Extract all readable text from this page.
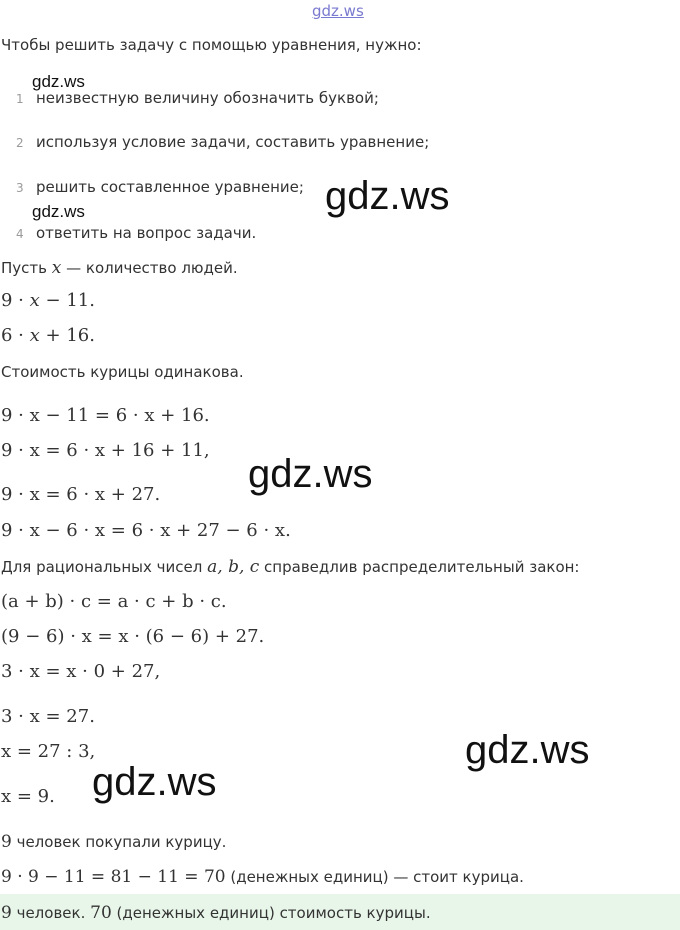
gdz.ws
gdz.ws
gdz.ws	gdz.ws
gdz.ws
gdz.ws
gdz.ws
Чтобы решить задачу с помощью уравнения, нужно:
1 неизвестную величину обозначить буквой;
2 используя условие задачи, составить уравнение;
3 решить составленное уравнение;
4 ответить на вопрос задачи.
Пусть x — количество людей.
9 · x − 11.
6 · x + 16.
Стоимость курицы одинакова.
9 · x − 11 = 6 · x + 16.
9 · x = 6 · x + 16 + 11,
9 · x = 6 · x + 27.
9 · x − 6 · x = 6 · x + 27 − 6 · x.
Для рациональных чисел a, b, c справедлив распределительный закон:
(a + b) · c = a · c + b · c.
(9 − 6) · x = x · (6 − 6) + 27.
3 · x = x · 0 + 27,
3 · x = 27.
x = 27 : 3,
x = 9.
9 человек покупали курицу.
9 · 9 − 11 = 81 − 11 = 70 (денежных единиц) — стоит курица.
9 человек. 70 (денежных единиц) стоимость курицы.
